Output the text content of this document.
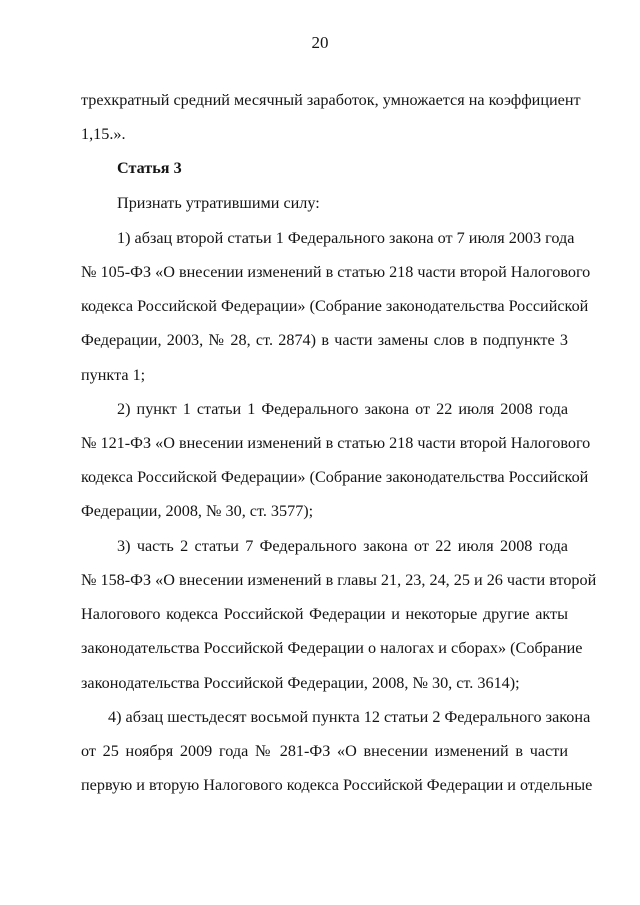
20
трехкратный средний месячный заработок, умножается на коэффициент
1,15.».
Статья 3
Признать утратившими силу:
1) абзац второй статьи 1 Федерального закона от 7 июля 2003 года
№ 105-ФЗ «О внесении изменений в статью 218 части второй Налогового
кодекса Российской Федерации» (Собрание законодательства Российской
Федерации, 2003, № 28, ст. 2874) в части замены слов в подпункте 3
пункта 1;
2) пункт 1 статьи 1 Федерального закона от 22 июля 2008 года
№ 121-ФЗ «О внесении изменений в статью 218 части второй Налогового
кодекса Российской Федерации» (Собрание законодательства Российской
Федерации, 2008, № 30, ст. 3577);
3) часть 2 статьи 7 Федерального закона от 22 июля 2008 года
№ 158-ФЗ «О внесении изменений в главы 21, 23, 24, 25 и 26 части второй
Налогового кодекса Российской Федерации и некоторые другие акты
законодательства Российской Федерации о налогах и сборах» (Собрание
законодательства Российской Федерации, 2008, № 30, ст. 3614);
4) абзац шестьдесят восьмой пункта 12 статьи 2 Федерального закона
от 25 ноября 2009 года № 281-ФЗ «О внесении изменений в части
первую и вторую Налогового кодекса Российской Федерации и отдельные
